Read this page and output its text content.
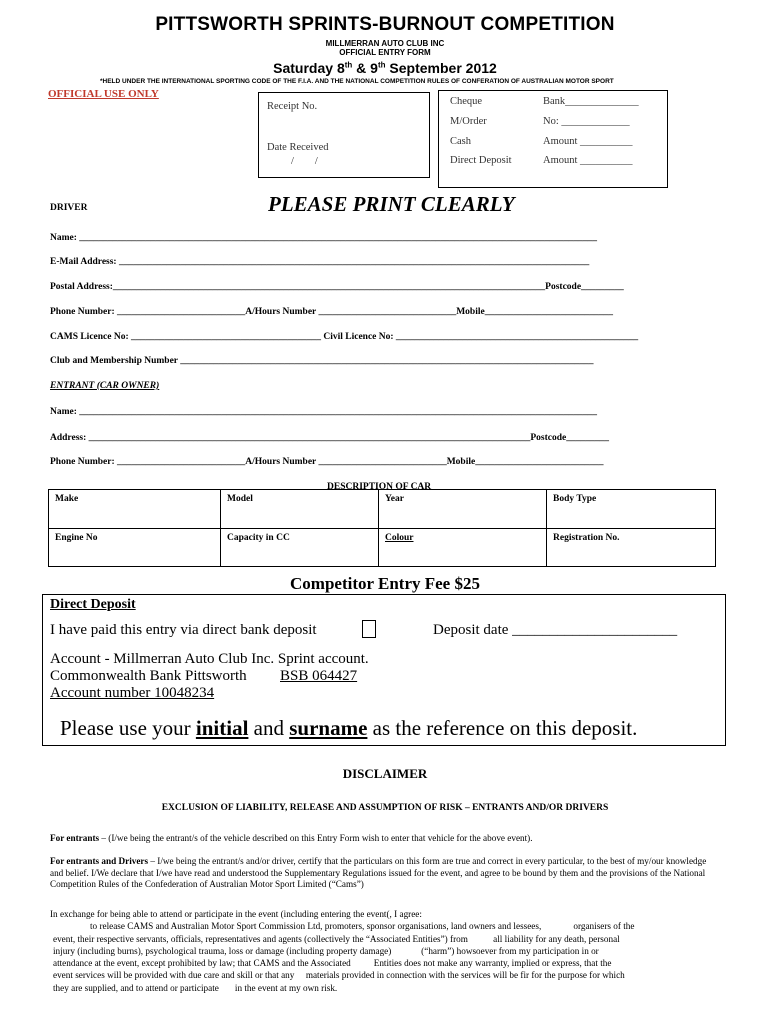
PITTSWORTH SPRINTS-BURNOUT COMPETITION
MILLMERRAN AUTO CLUB INC
OFFICIAL ENTRY FORM
Saturday 8th & 9th September 2012
*HELD UNDER THE INTERNATIONAL SPORTING CODE OF THE F.I.A. AND THE NATIONAL COMPETITION RULES OF CONFERATION OF AUSTRALIAN MOTOR SPORT
OFFICIAL USE ONLY
Receipt No.
Date Received
/        /
Cheque	Bank______________
M/Order	No: _____________
Cash	Amount __________
Direct Deposit	Amount __________
PLEASE PRINT CLEARLY
DRIVER
Name: _____________________________________________________________________________________________________________
E-Mail Address: ___________________________________________________________________________________________________
Postal Address:___________________________________________________________________________________________Postcode_________
Phone Number: ___________________________A/Hours Number _____________________________Mobile___________________________
CAMS Licence No: ________________________________________ Civil Licence No: ___________________________________________________
Club and Membership Number _______________________________________________________________________________________
ENTRANT (CAR OWNER)
Name: _____________________________________________________________________________________________________________
Address: _____________________________________________________________________________________________Postcode_________
Phone Number: ___________________________A/Hours Number ___________________________Mobile___________________________
DESCRIPTION OF CAR
Make	Model	Year	Body Type
Engine No	Capacity in CC	Colour	Registration No.
Competitor Entry Fee $25
Direct Deposit
I have paid this entry via direct bank deposit	Deposit date ______________________
Account - Millmerran Auto Club Inc. Sprint account.
Commonwealth Bank Pittsworth BSB 064427
Account number 10048234
Please use your initial and surname as the reference on this deposit.
DISCLAIMER
EXCLUSION OF LIABILITY, RELEASE AND ASSUMPTION OF RISK – ENTRANTS AND/OR DRIVERS
For entrants – (I/we being the entrant/s of the vehicle described on this Entry Form wish to enter that vehicle for the above event).
For entrants and Drivers – I/we being the entrant/s and/or driver, certify that the particulars on this form are true and correct in every particular, to the best of my/our knowledge and belief. I/We declare that I/we have read and understood the Supplementary Regulations issued for the event, and agree to be bound by them and the provisions of the National Competition Rules of the Confederation of Australian Motor Sport Limited (“Cams”)
In exchange for being able to attend or participate in the event (including entering the event(, I agree:
to release CAMS and Australian Motor Sport Commission Ltd, promoters, sponsor organisations, land owners and lessees,              organisers of the
event, their respective servants, officials, representatives and agents (collectively the “Associated Entities”) from           all liability for any death, personal
injury (including burns), psychological trauma, loss or damage (including property damage)             (“harm”) howsoever from my participation in or
attendance at the event, except prohibited by law; that CAMS and the Associated          Entities does not make any warranty, implied or express, that the
event services will be provided with due care and skill or that any     materials provided in connection with the services will be fir for the purpose for which
they are supplied, and to attend or participate       in the event at my own risk.
